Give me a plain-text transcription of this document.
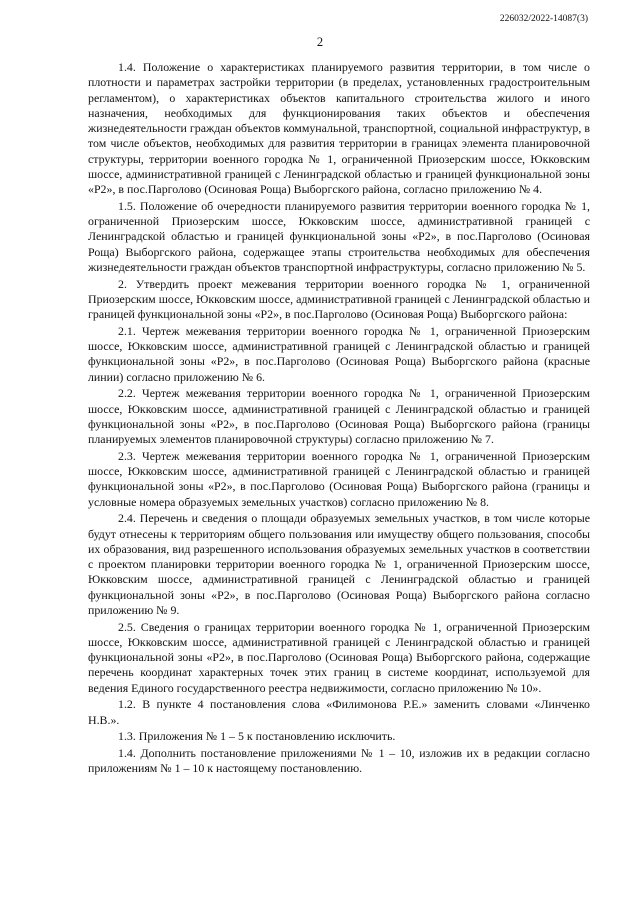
226032/2022-14087(3)
2

1.4. Положение о характеристиках планируемого развития территории, в том числе о плотности и параметрах застройки территории (в пределах, установленных градостроительным регламентом), о характеристиках объектов капитального строительства жилого и иного назначения, необходимых для функционирования таких объектов и обеспечения жизнедеятельности граждан объектов коммунальной, транспортной, социальной инфраструктур, в том числе объектов, необходимых для развития территории в границах элемента планировочной структуры, территории военного городка № 1, ограниченной Приозерским шоссе, Юкковским шоссе, административной границей с Ленинградской областью и границей функциональной зоны «Р2», в пос.Парголово (Осиновая Роща) Выборгского района, согласно приложению № 4.

1.5. Положение об очередности планируемого развития территории военного городка № 1, ограниченной Приозерским шоссе, Юкковским шоссе, административной границей с Ленинградской областью и границей функциональной зоны «Р2», в пос.Парголово (Осиновая Роща) Выборгского района, содержащее этапы строительства необходимых для обеспечения жизнедеятельности граждан объектов транспортной инфраструктуры, согласно приложению № 5.

2. Утвердить проект межевания территории военного городка № 1, ограниченной Приозерским шоссе, Юкковским шоссе, административной границей с Ленинградской областью и границей функциональной зоны «Р2», в пос.Парголово (Осиновая Роща) Выборгского района:

2.1. Чертеж межевания территории военного городка № 1, ограниченной Приозерским шоссе, Юкковским шоссе, административной границей с Ленинградской областью и границей функциональной зоны «Р2», в пос.Парголово (Осиновая Роща) Выборгского района (красные линии) согласно приложению № 6.

2.2. Чертеж межевания территории военного городка № 1, ограниченной Приозерским шоссе, Юкковским шоссе, административной границей с Ленинградской областью и границей функциональной зоны «Р2», в пос.Парголово (Осиновая Роща) Выборгского района (границы планируемых элементов планировочной структуры) согласно приложению № 7.

2.3. Чертеж межевания территории военного городка № 1, ограниченной Приозерским шоссе, Юкковским шоссе, административной границей с Ленинградской областью и границей функциональной зоны «Р2», в пос.Парголово (Осиновая Роща) Выборгского района (границы и условные номера образуемых земельных участков) согласно приложению № 8.

2.4. Перечень и сведения о площади образуемых земельных участков, в том числе которые будут отнесены к территориям общего пользования или имуществу общего пользования, способы их образования, вид разрешенного использования образуемых земельных участков в соответствии с проектом планировки территории военного городка № 1, ограниченной Приозерским шоссе, Юкковским шоссе, административной границей с Ленинградской областью и границей функциональной зоны «Р2», в пос.Парголово (Осиновая Роща) Выборгского района согласно приложению № 9.

2.5. Сведения о границах территории военного городка № 1, ограниченной Приозерским шоссе, Юкковским шоссе, административной границей с Ленинградской областью и границей функциональной зоны «Р2», в пос.Парголово (Осиновая Роща) Выборгского района, содержащие перечень координат характерных точек этих границ в системе координат, используемой для ведения Единого государственного реестра недвижимости, согласно приложению № 10».

1.2. В пункте 4 постановления слова «Филимонова Р.Е.» заменить словами «Линченко Н.В.».

1.3. Приложения № 1 – 5 к постановлению исключить.

1.4. Дополнить постановление приложениями № 1 – 10, изложив их в редакции согласно приложениям № 1 – 10 к настоящему постановлению.
